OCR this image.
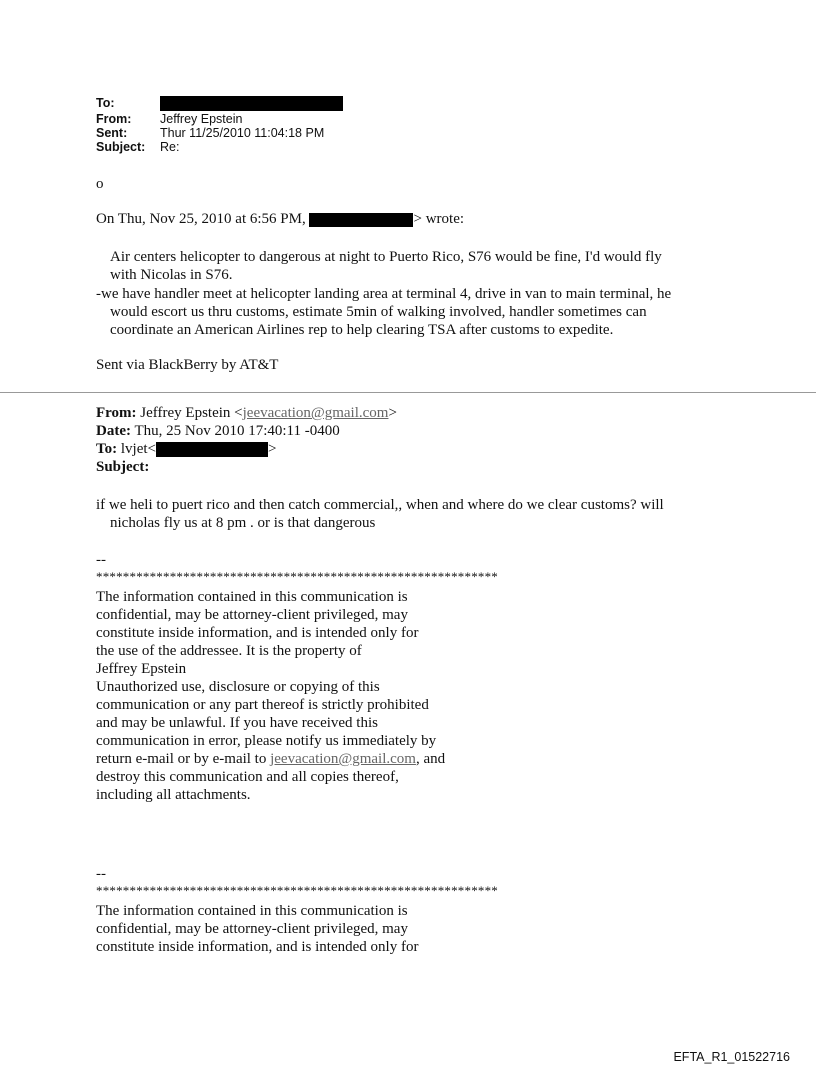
To:
From: Jeffrey Epstein
Sent:	Thur 11/25/2010 11:04:18 PM
Subject: Re:
o
On Thu, Nov 25, 2010 at 6:56 PM,	> wrote:
Air centers helicopter to dangerous at night to Puerto Rico, S76 would be fine, I'd would fly
with Nicolas in S76.
-we have handler meet at helicopter landing area at terminal 4, drive in van to main terminal, he
would escort us thru customs, estimate 5min of walking involved, handler sometimes can
coordinate an American Airlines rep to help clearing TSA after customs to expedite.
Sent via BlackBerry by AT&T
From: Jeffrey Epstein <jeevacation@gmail.com>
Date: Thu, 25 Nov 2010 17:40:11 -0400
To: lvjet<	>
Subject:
if we heli to puert rico and then catch commercial,, when and where do we clear customs? will
nicholas fly us at 8 pm . or is that dangerous
--
************************************************************
The information contained in this communication is
confidential, may be attorney-client privileged, may
constitute inside information, and is intended only for
the use of the addressee. It is the property of
Jeffrey Epstein
Unauthorized use, disclosure or copying of this
communication or any part thereof is strictly prohibited
and may be unlawful. If you have received this
communication in error, please notify us immediately by
return e-mail or by e-mail to jeevacation@gmail.com, and
destroy this communication and all copies thereof,
including all attachments.
--
************************************************************
The information contained in this communication is
confidential, may be attorney-client privileged, may
constitute inside information, and is intended only for
EFTA_R1_01522716
